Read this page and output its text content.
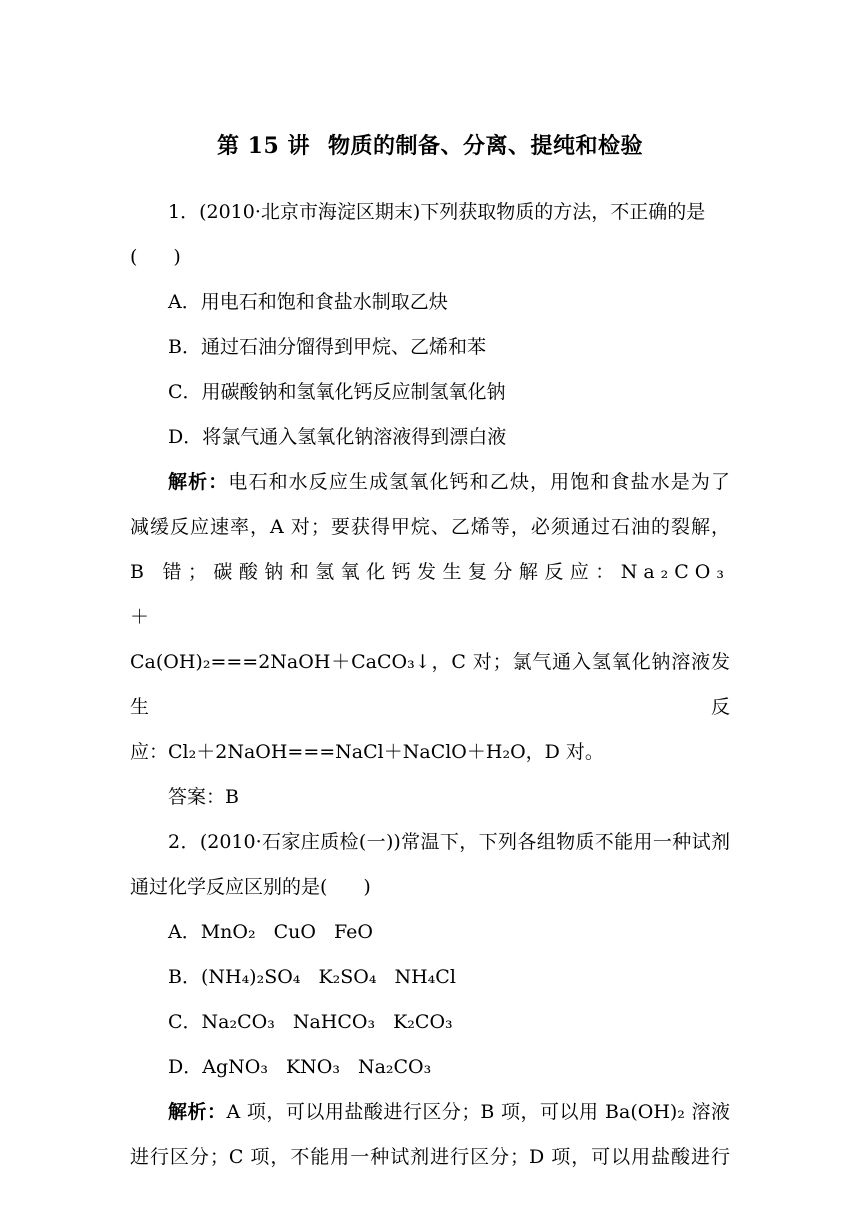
第 15 讲 物质的制备、分离、提纯和检验

1．(2010·北京市海淀区期末)下列获取物质的方法，不正确的是

( )

A．用电石和饱和食盐水制取乙炔

B．通过石油分馏得到甲烷、乙烯和苯

C．用碳酸钠和氢氧化钙反应制氢氧化钠

D．将氯气通入氢氧化钠溶液得到漂白液

解析：电石和水反应生成氢氧化钙和乙炔，用饱和食盐水是为了

减缓反应速率，A 对；要获得甲烷、乙烯等，必须通过石油的裂解，

B 错；碳酸钠和氢氧化钙发生复分解反应：Na₂CO₃＋

Ca(OH)₂===2NaOH＋CaCO₃↓，C 对；氯气通入氢氧化钠溶液发生反

应：Cl₂＋2NaOH===NaCl＋NaClO＋H₂O，D 对。

答案：B

2．(2010·石家庄质检(一))常温下，下列各组物质不能用一种试剂

通过化学反应区别的是( )

A．MnO₂ CuO FeO

B．(NH₄)₂SO₄ K₂SO₄ NH₄Cl

C．Na₂CO₃ NaHCO₃ K₂CO₃

D．AgNO₃ KNO₃ Na₂CO₃

解析：A 项，可以用盐酸进行区分；B 项，可以用 Ba(OH)₂ 溶液

进行区分；C 项，不能用一种试剂进行区分；D 项，可以用盐酸进行
